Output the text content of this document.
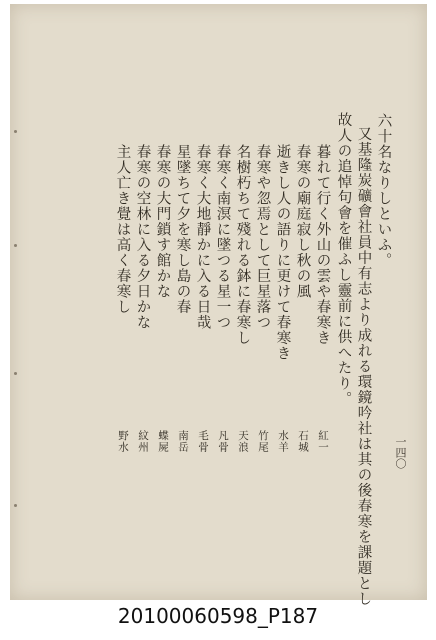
一四〇
六十名なりしといふ。
又基隆炭礦會社員中有志より成れる環鏡吟社は其の後春寒を課題とし
故人の追悼句會を催ふし靈前に供へたり。
暮れて行く外山の雲や春寒き
春寒の廟庭寂し秋の風
逝きし人の語りに更けて春寒き
春寒や忽焉として巨星落つ
名樹朽ちて殘れる鉢に春寒し
春寒く南溟に墜つる星一つ
春寒く大地靜かに入る日哉
星墜ちて夕を寒し島の春
春寒の大門鎖す館かな
春寒の空林に入る夕日かな
主人亡き覺は高く春寒し
紅一
石城
水羊
竹尾
天浪
凡骨
毛骨
南岳
蝶屍
紋州
野水
20100060598_P187
